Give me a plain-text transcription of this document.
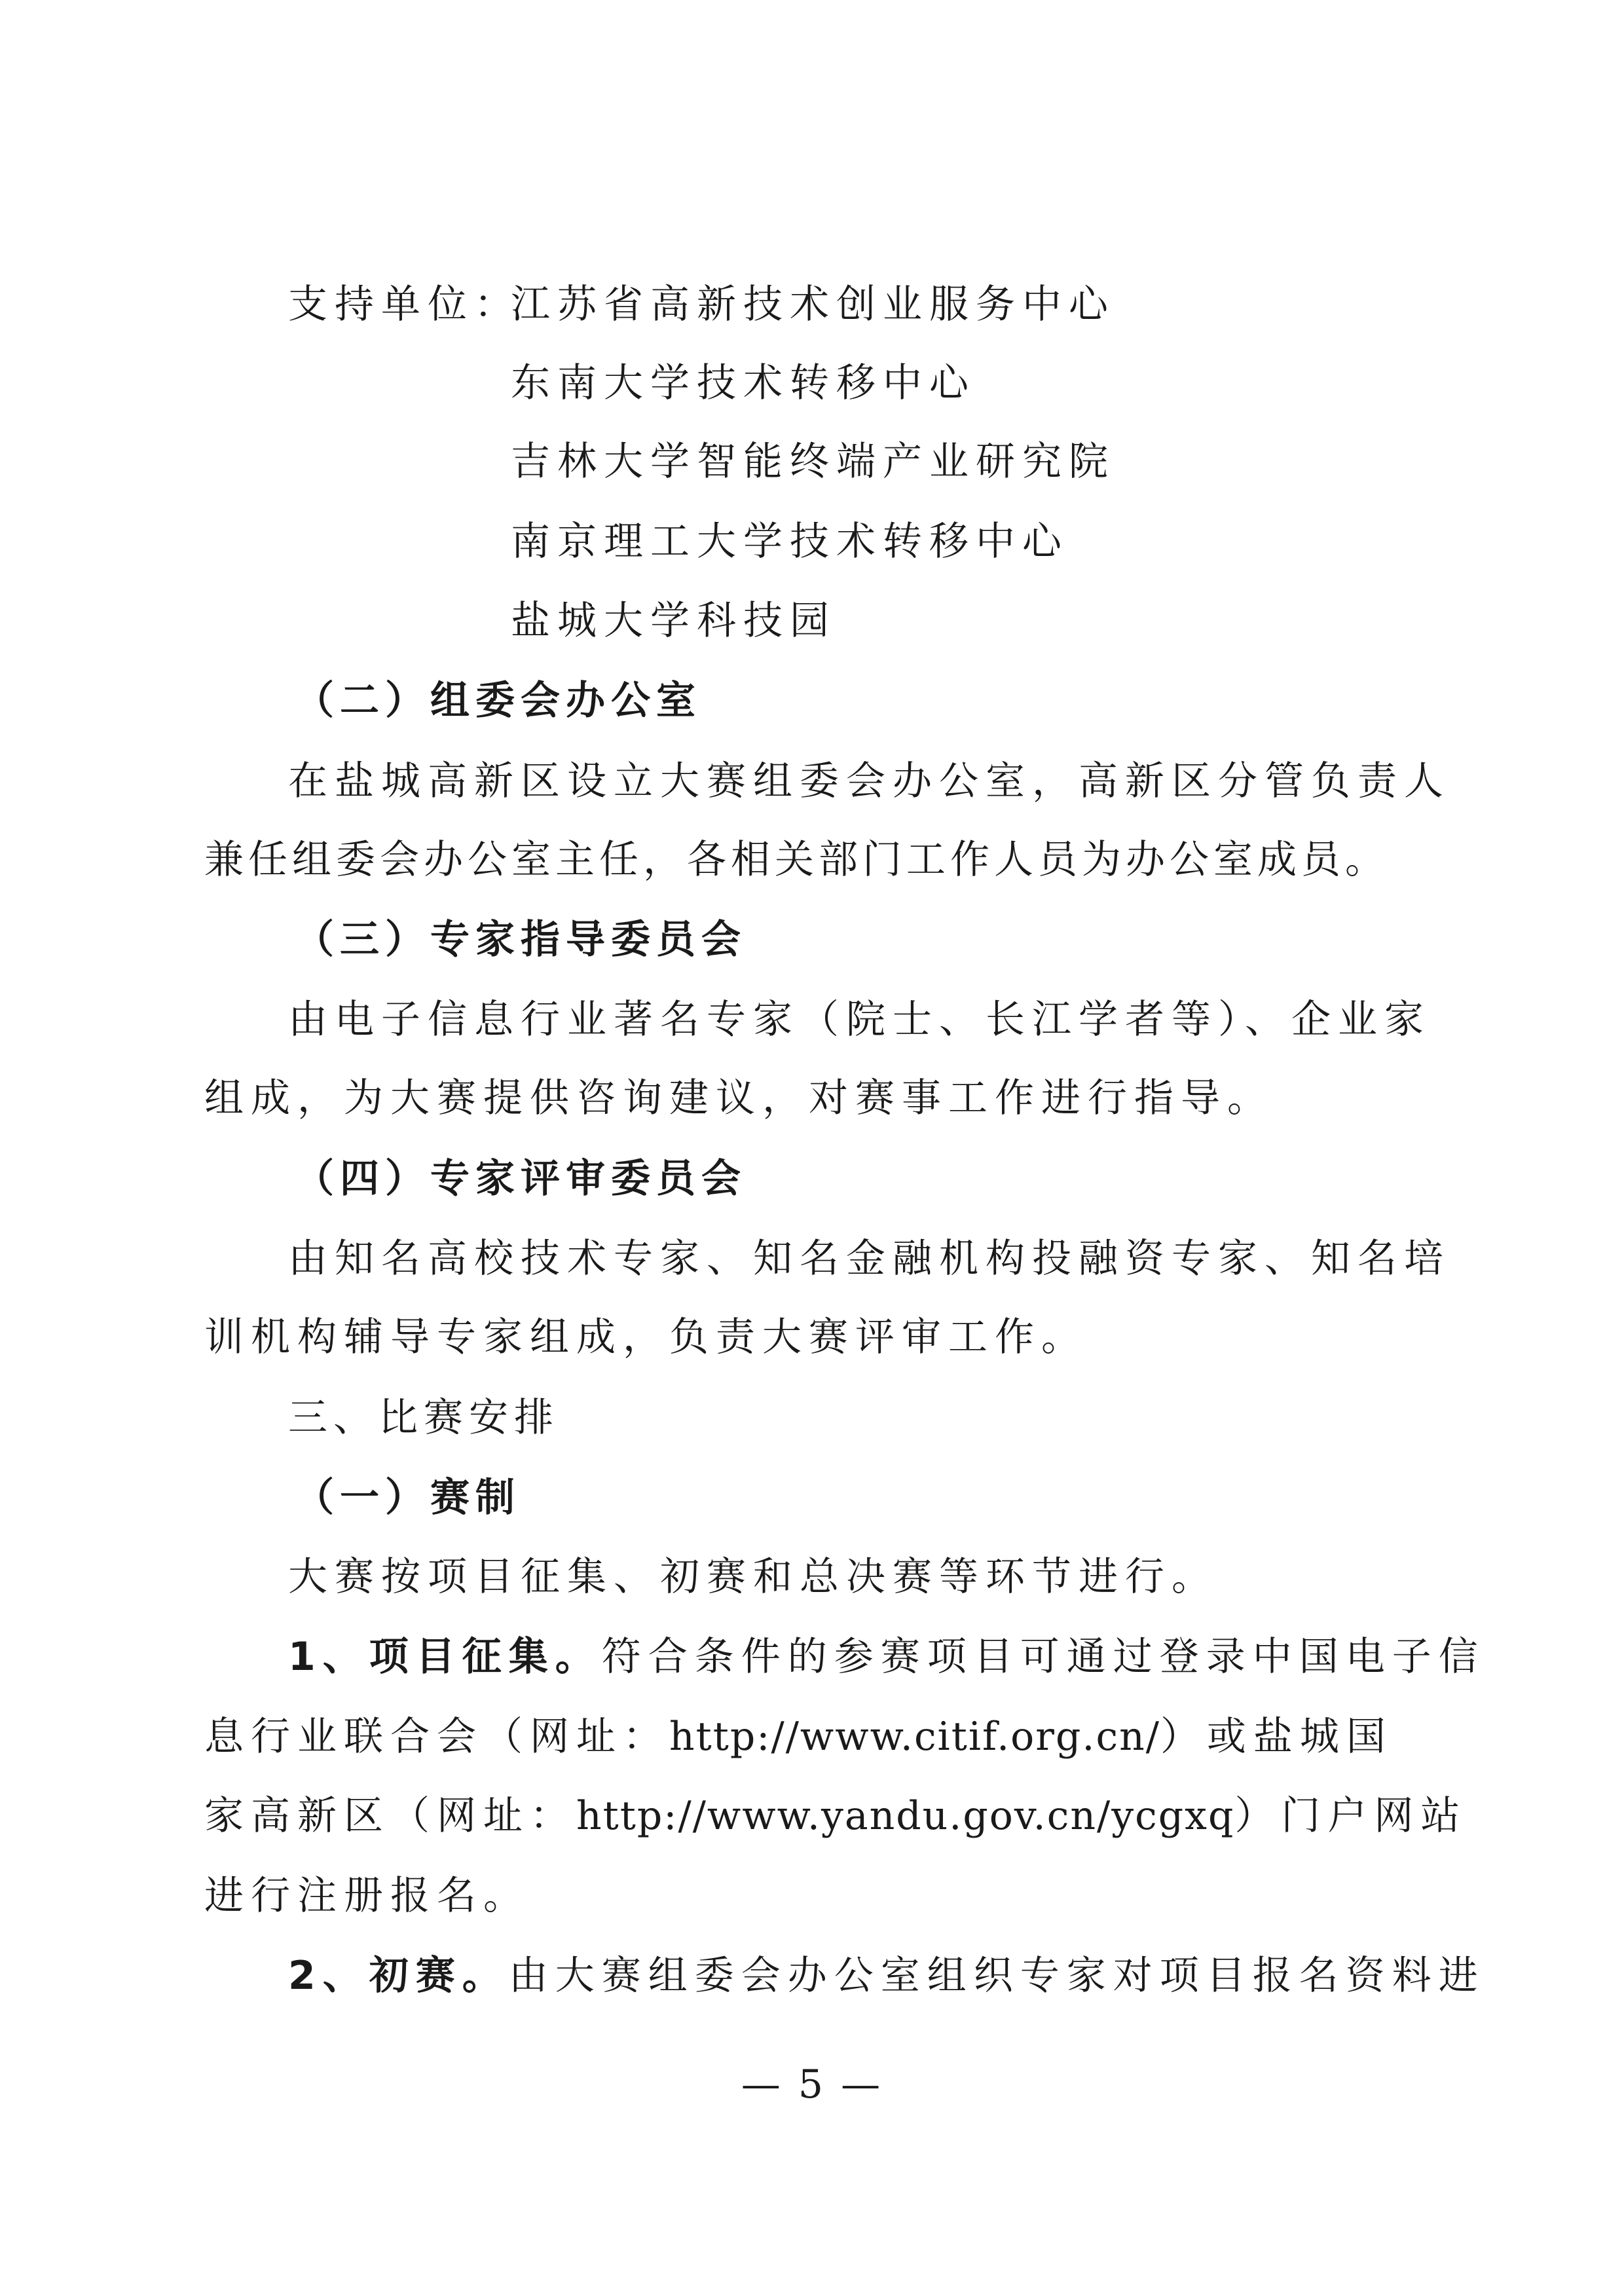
支持单位：
江苏省高新技术创业服务中心
东南大学技术转移中心
吉林大学智能终端产业研究院
南京理工大学技术转移中心
盐城大学科技园
（二）组委会办公室
在盐城高新区设立大赛组委会办公室，高新区分管负责人
兼任组委会办公室主任，各相关部门工作人员为办公室成员。
（三）专家指导委员会
由电子信息行业著名专家（院士、长江学者等）、企业家
组成，为大赛提供咨询建议，对赛事工作进行指导。
（四）专家评审委员会
由知名高校技术专家、知名金融机构投融资专家、知名培
训机构辅导专家组成，负责大赛评审工作。
三、比赛安排
（一）赛制
大赛按项目征集、初赛和总决赛等环节进行。
1、项目征集。符合条件的参赛项目可通过登录中国电子信
息行业联合会（网址：http://www.citif.org.cn/）或盐城国
家高新区（网址：http://www.yandu.gov.cn/ycgxq）门户网站
进行注册报名。
2、初赛。由大赛组委会办公室组织专家对项目报名资料进
— 5 —
